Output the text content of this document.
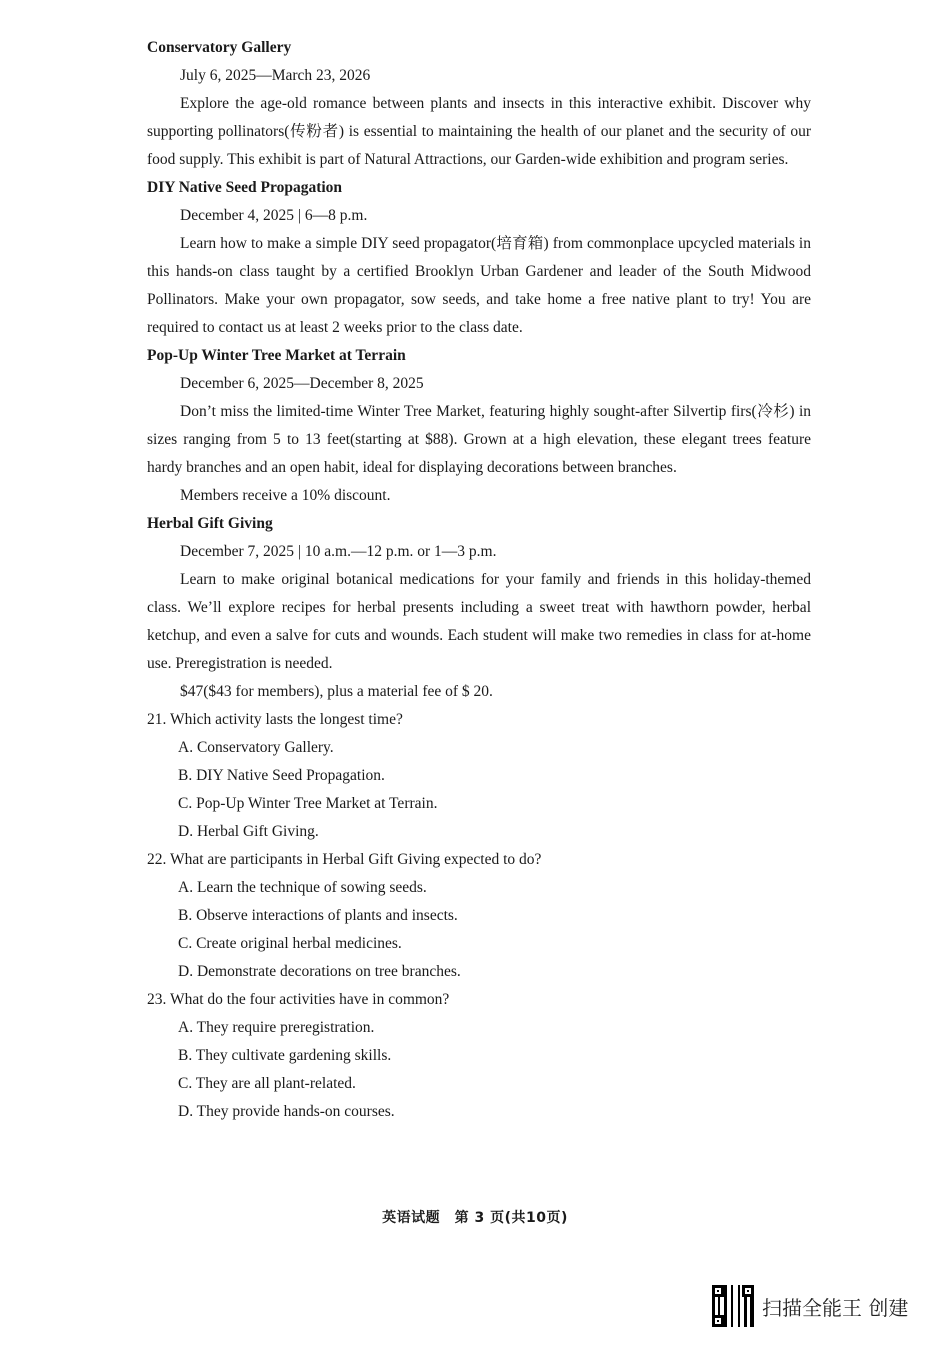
Conservatory Gallery

July 6, 2025—March 23, 2026

Explore the age-old romance between plants and insects in this interactive exhibit. Discover why supporting pollinators(传粉者) is essential to maintaining the health of our planet and the security of our food supply. This exhibit is part of Natural Attractions, our Garden-wide exhibition and program series.

DIY Native Seed Propagation

December 4, 2025 | 6—8 p.m.

Learn how to make a simple DIY seed propagator(培育箱) from commonplace upcycled materials in this hands-on class taught by a certified Brooklyn Urban Gardener and leader of the South Midwood Pollinators. Make your own propagator, sow seeds, and take home a free native plant to try! You are required to contact us at least 2 weeks prior to the class date.

Pop-Up Winter Tree Market at Terrain

December 6, 2025—December 8, 2025

Don’t miss the limited-time Winter Tree Market, featuring highly sought-after Silvertip firs(冷杉) in sizes ranging from 5 to 13 feet(starting at $88). Grown at a high elevation, these elegant trees feature hardy branches and an open habit, ideal for displaying decorations between branches.

Members receive a 10% discount.

Herbal Gift Giving

December 7, 2025 | 10 a.m.—12 p.m. or 1—3 p.m.

Learn to make original botanical medications for your family and friends in this holiday-themed class. We’ll explore recipes for herbal presents including a sweet treat with hawthorn powder, herbal ketchup, and even a salve for cuts and wounds. Each student will make two remedies in class for at-home use. Preregistration is needed.

$47($43 for members), plus a material fee of $ 20.

21. Which activity lasts the longest time?

A. Conservatory Gallery.

B. DIY Native Seed Propagation.

C. Pop-Up Winter Tree Market at Terrain.

D. Herbal Gift Giving.

22. What are participants in Herbal Gift Giving expected to do?

A. Learn the technique of sowing seeds.

B. Observe interactions of plants and insects.

C. Create original herbal medicines.

D. Demonstrate decorations on tree branches.

23. What do the four activities have in common?

A. They require preregistration.

B. They cultivate gardening skills.

C. They are all plant-related.

D. They provide hands-on courses.

英语试题　第 3 页(共10页)
扫描全能王 创建
